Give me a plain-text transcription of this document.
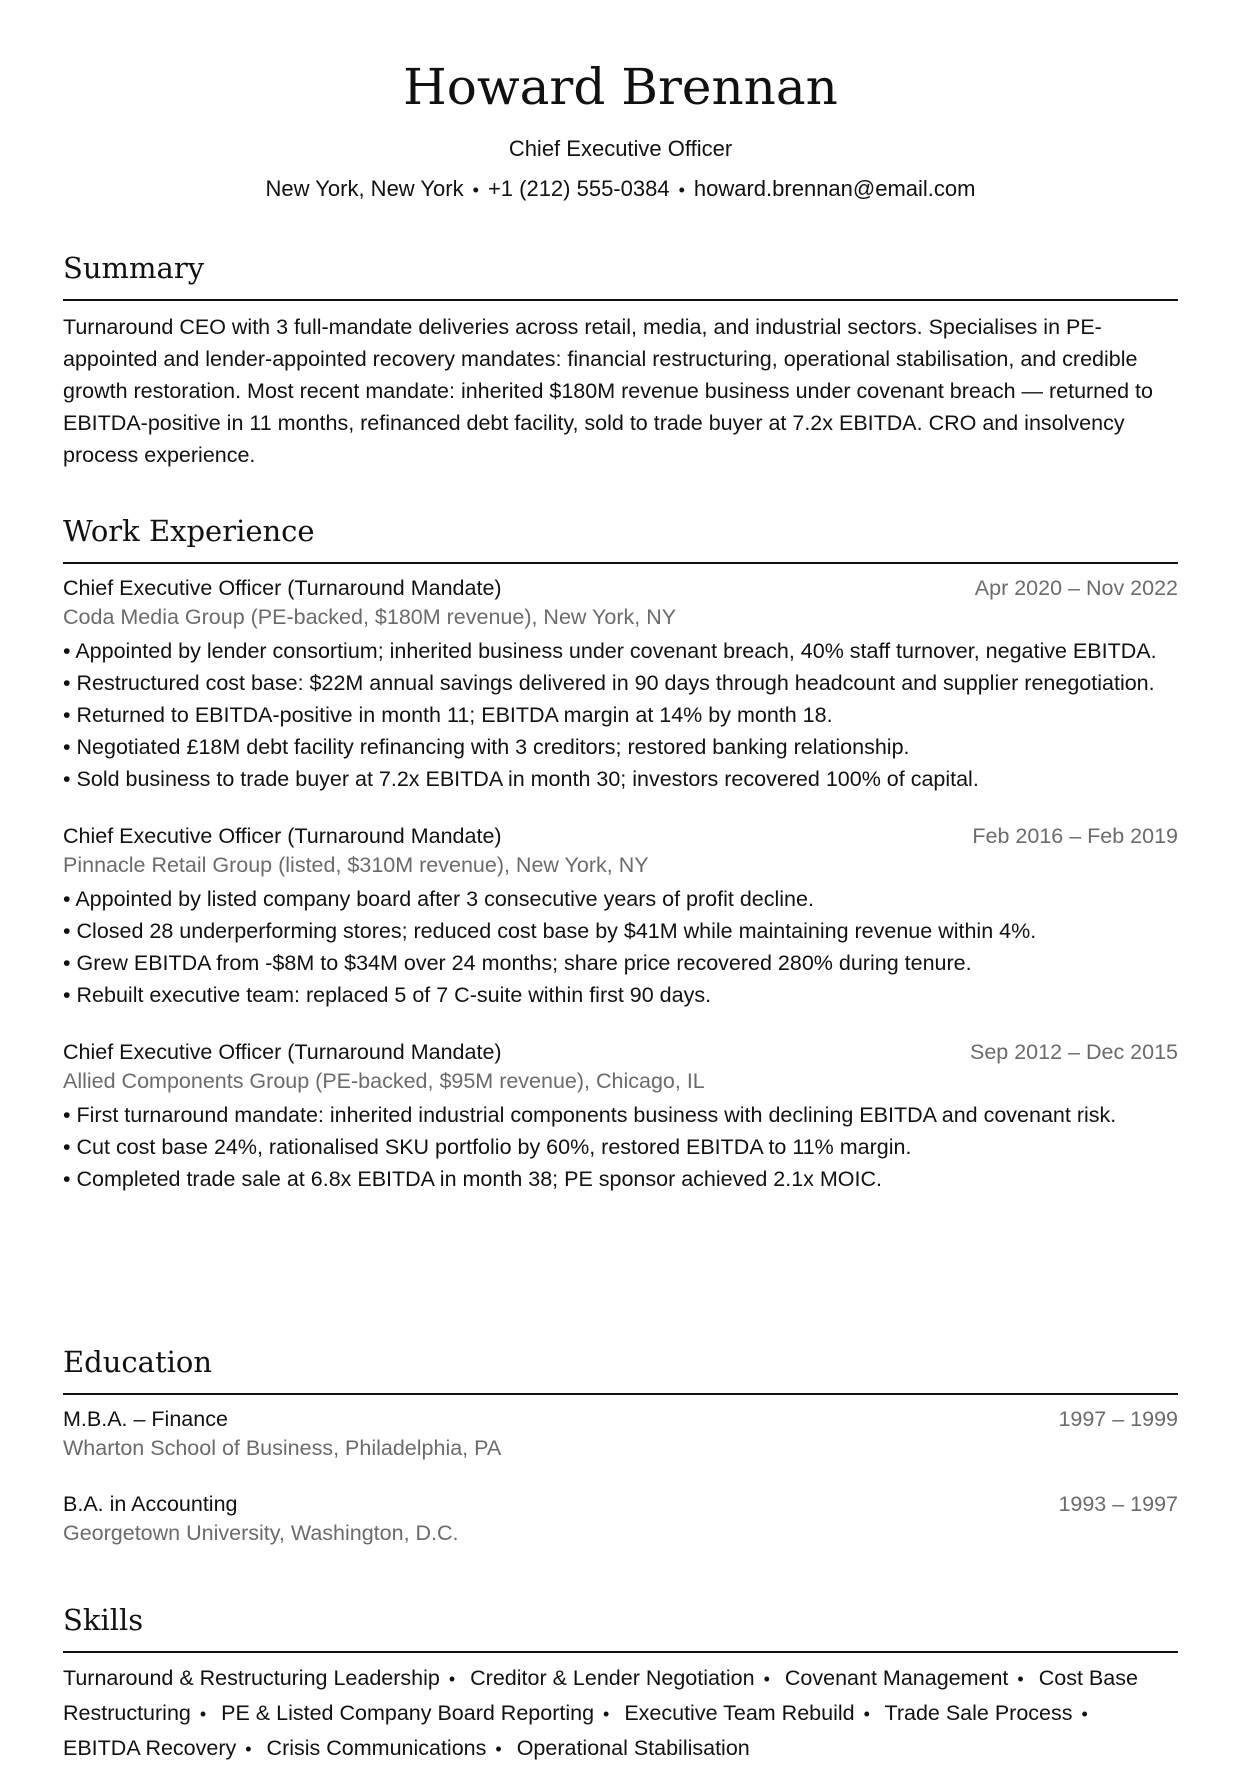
Howard Brennan
Chief Executive Officer
New York, New York • +1 (212) 555-0384 • howard.brennan@email.com
Summary
Turnaround CEO with 3 full-mandate deliveries across retail, media, and industrial sectors. Specialises in PE-appointed and lender-appointed recovery mandates: financial restructuring, operational stabilisation, and credible growth restoration. Most recent mandate: inherited $180M revenue business under covenant breach — returned to EBITDA-positive in 11 months, refinanced debt facility, sold to trade buyer at 7.2x EBITDA. CRO and insolvency process experience.
Work Experience
Chief Executive Officer (Turnaround Mandate)	Apr 2020 – Nov 2022
Coda Media Group (PE-backed, $180M revenue), New York, NY
• Appointed by lender consortium; inherited business under covenant breach, 40% staff turnover, negative EBITDA.
• Restructured cost base: $22M annual savings delivered in 90 days through headcount and supplier renegotiation.
• Returned to EBITDA-positive in month 11; EBITDA margin at 14% by month 18.
• Negotiated £18M debt facility refinancing with 3 creditors; restored banking relationship.
• Sold business to trade buyer at 7.2x EBITDA in month 30; investors recovered 100% of capital.
Chief Executive Officer (Turnaround Mandate)	Feb 2016 – Feb 2019
Pinnacle Retail Group (listed, $310M revenue), New York, NY
• Appointed by listed company board after 3 consecutive years of profit decline.
• Closed 28 underperforming stores; reduced cost base by $41M while maintaining revenue within 4%.
• Grew EBITDA from -$8M to $34M over 24 months; share price recovered 280% during tenure.
• Rebuilt executive team: replaced 5 of 7 C-suite within first 90 days.
Chief Executive Officer (Turnaround Mandate)	Sep 2012 – Dec 2015
Allied Components Group (PE-backed, $95M revenue), Chicago, IL
• First turnaround mandate: inherited industrial components business with declining EBITDA and covenant risk.
• Cut cost base 24%, rationalised SKU portfolio by 60%, restored EBITDA to 11% margin.
• Completed trade sale at 6.8x EBITDA in month 38; PE sponsor achieved 2.1x MOIC.
Education
M.B.A. – Finance	1997 – 1999
Wharton School of Business, Philadelphia, PA
B.A. in Accounting	1993 – 1997
Georgetown University, Washington, D.C.
Skills
Turnaround & Restructuring Leadership • Creditor & Lender Negotiation • Covenant Management • Cost Base Restructuring • PE & Listed Company Board Reporting • Executive Team Rebuild • Trade Sale Process • EBITDA Recovery • Crisis Communications • Operational Stabilisation
